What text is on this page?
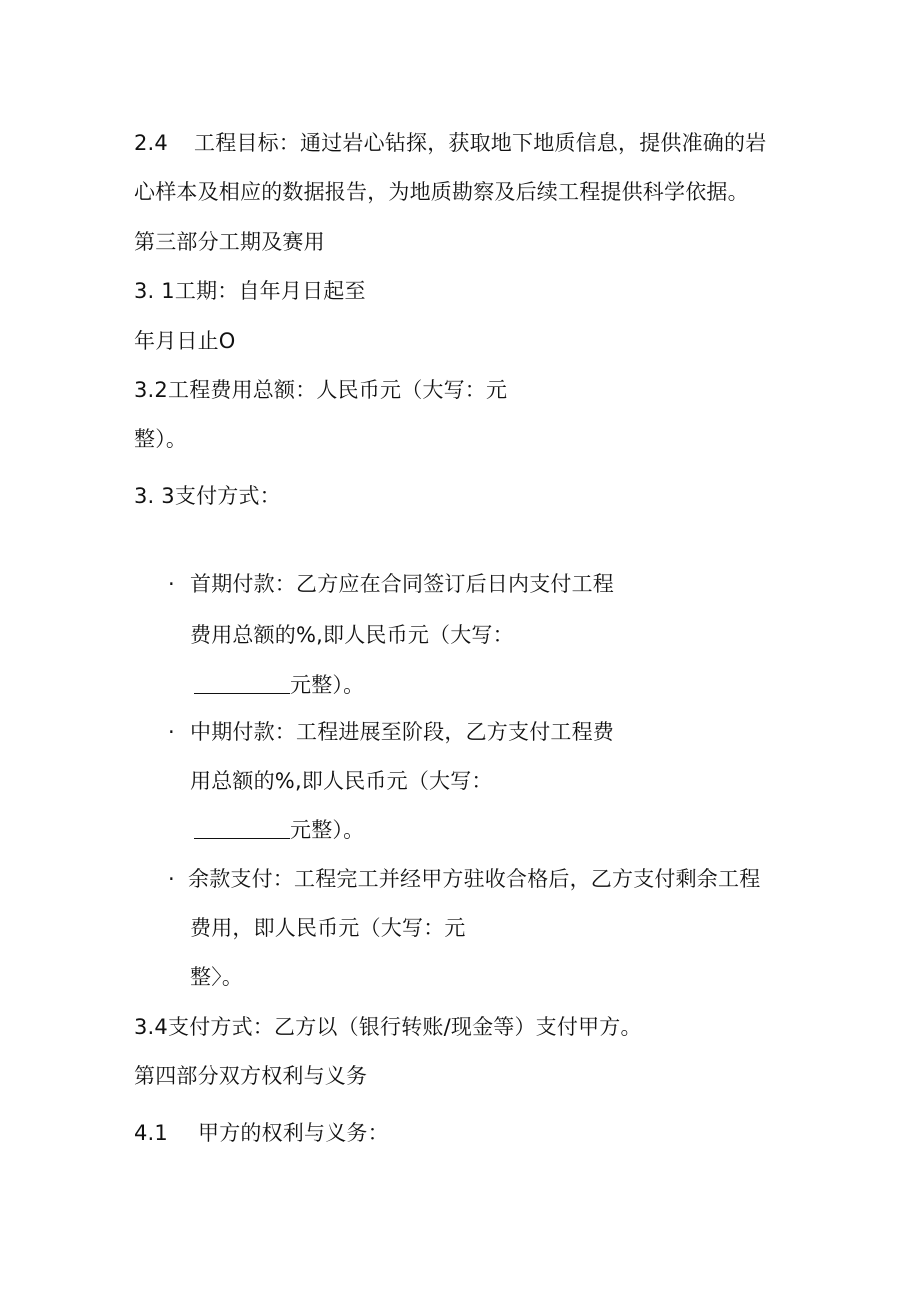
2.4 工程目标：通过岩心钻探，获取地下地质信息，提供准确的岩
心样本及相应的数据报告，为地质勘察及后续工程提供科学依据。
第三部分工期及赛用
3. 1工期：自年月日起至
年月日止O
3.2工程费用总额：人民币元（大写：元
整）。
3. 3支付方式：
· 首期付款：乙方应在合同签订后日内支付工程
费用总额的%,即人民币元（大写：
元整）。
· 中期付款：工程进展至阶段，乙方支付工程费
用总额的%,即人民币元（大写：
元整）。
· 余款支付：工程完工并经甲方驻收合格后，乙方支付剩余工程
费用，即人民币元（大写：元
整〉。
3.4支付方式：乙方以（银行转账/现金等）支付甲方。
第四部分双方权利与义务
4.1 甲方的权利与义务：
